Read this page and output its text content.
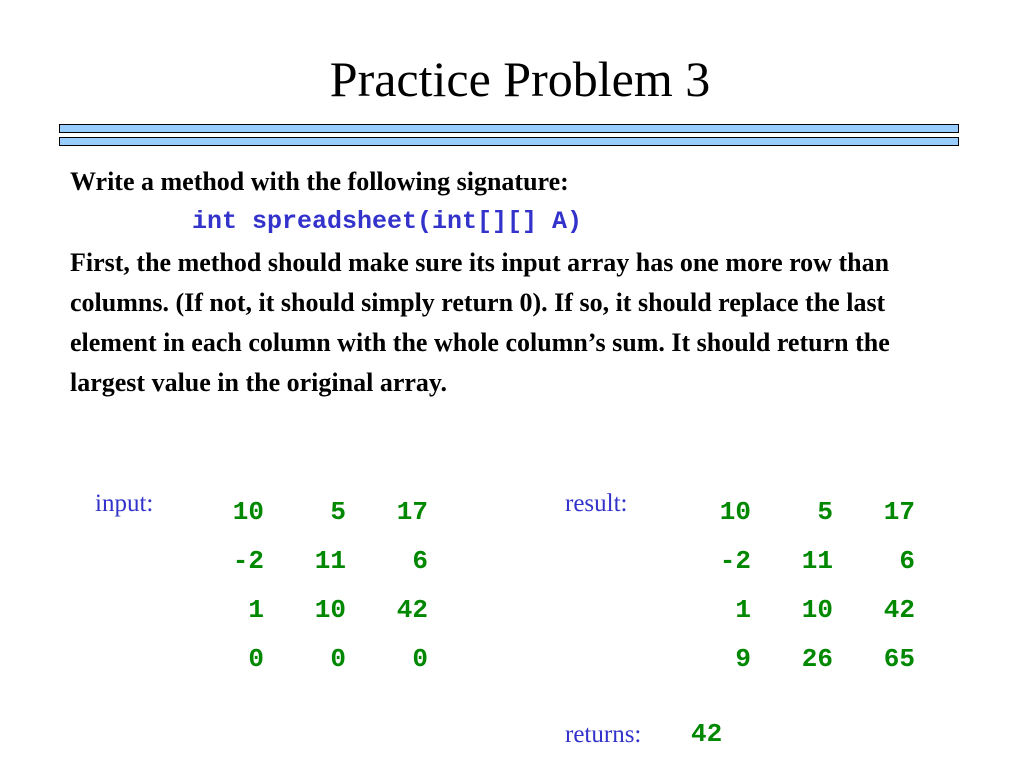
Practice Problem 3

Write a method with the following signature:

int spreadsheet(int[][] A)

First, the method should make sure its input array has one more row than columns. (If not, it should simply return 0). If so, it should replace the last element in each column with the whole column’s sum. It should return the largest value in the original array.

input:	10	5	17
-2	11	6
1	10	42
0	0	0
result:	10	5	17
-2	11	6
1	10	42
9	26	65
returns: 42
